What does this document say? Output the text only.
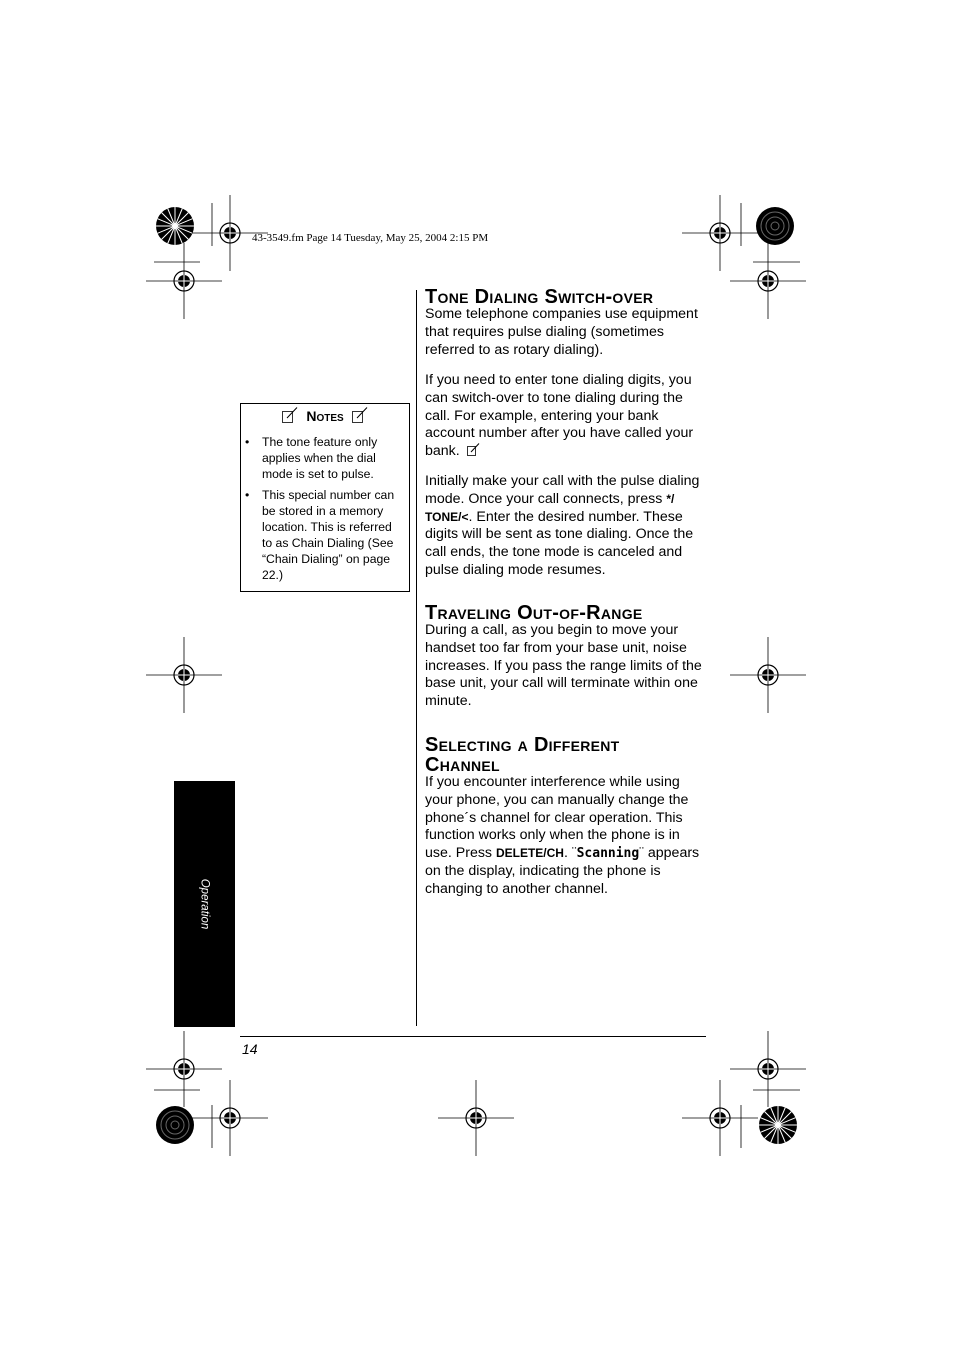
43-3549.fm Page 14 Tuesday, May 25, 2004 2:15 PM
Tone Dialing Switch-over
Some telephone companies use equipment that requires pulse dialing (sometimes referred to as rotary dialing).
If you need to enter tone dialing digits, you can switch-over to tone dialing during the call. For example, entering your bank account number after you have called your bank.
Initially make your call with the pulse dialing mode. Once your call connects, press */ TONE/<. Enter the desired number. These digits will be sent as tone dialing. Once the call ends, the tone mode is canceled and pulse dialing mode resumes.
Traveling Out-of-Range
During a call, as you begin to move your handset too far from your base unit, noise increases. If you pass the range limits of the base unit, your call will terminate within one minute.
Selecting a Different
Channel
If you encounter interference while using your phone, you can manually change the phone´s channel for clear operation. This function works only when the phone is in use. Press DELETE/CH. ¨Scanning¨ appears on the display, indicating the phone is changing to another channel.
Notes
• The tone feature only applies when the dial mode is set to pulse.
• This special number can be stored in a memory location. This is referred to as Chain Dialing (See “Chain Dialing” on page 22.)
Operation
14
